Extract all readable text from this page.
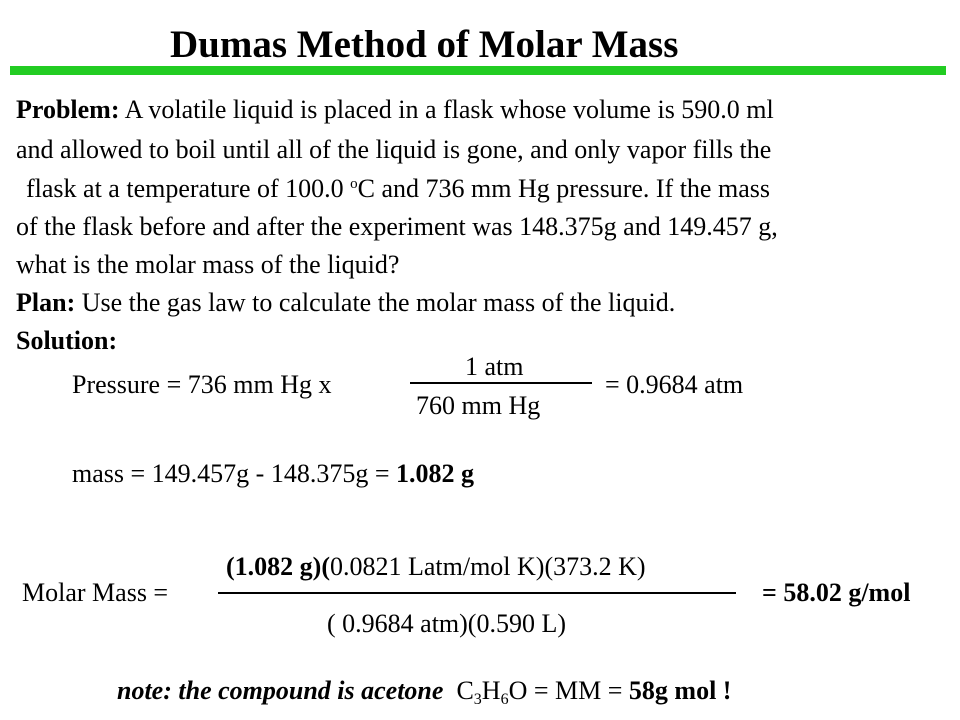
Dumas Method of Molar Mass
Problem: A volatile liquid is placed in a flask whose volume is 590.0 ml
and allowed to boil until all of the liquid is gone, and only vapor fills the
flask at a temperature of 100.0 $^o$C and 736 mm Hg pressure. If the mass
of the flask before and after the experiment was 148.375g and 149.457 g,
what is the molar mass of the liquid?
Plan: Use the gas law to calculate the molar mass of the liquid.
Solution:
Pressure = 736 mm Hg x
1 atm
760 mm Hg
= 0.9684 atm
mass = 149.457g - 148.375g = 1.082 g
Molar Mass =
(1.082 g)(0.0821 Latm/mol K)(373.2 K)
( 0.9684 atm)(0.590 L)
= 58.02 g/mol
note: the compound is acetone $C_3H_6O$ = MM = 58g mol !
